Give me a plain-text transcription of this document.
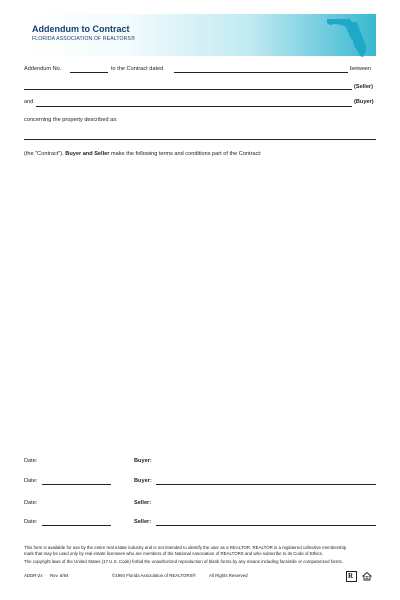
Addendum to Contract
FLORIDA ASSOCIATION OF REALTORS®
Addendum No.	to the Contract dated	between
(Seller)
and	(Buyer)
concerning the property described as:
(the "Contract"). Buyer and Seller make the following terms and conditions part of the Contract:
Date:	Buyer:
Date:	Buyer:
Date:	Seller:
Date:	Seller:
This form is available for use by the entire real estate industry and is not intended to identify the user as a REALTOR. REALTOR is a registered collective membership
mark that may be used only by real estate licensees who are members of the National Association of REALTORS and who subscribe to its Code of Ethics.
The copyright laws of the United States (17 U.S. Code) forbid the unauthorized reproduction of blank forms by any means including facsimile or computerized forms.
ADDR-2x Rev. 6/94	©1994 Florida Association of REALTORS®	All Rights Reserved	R
